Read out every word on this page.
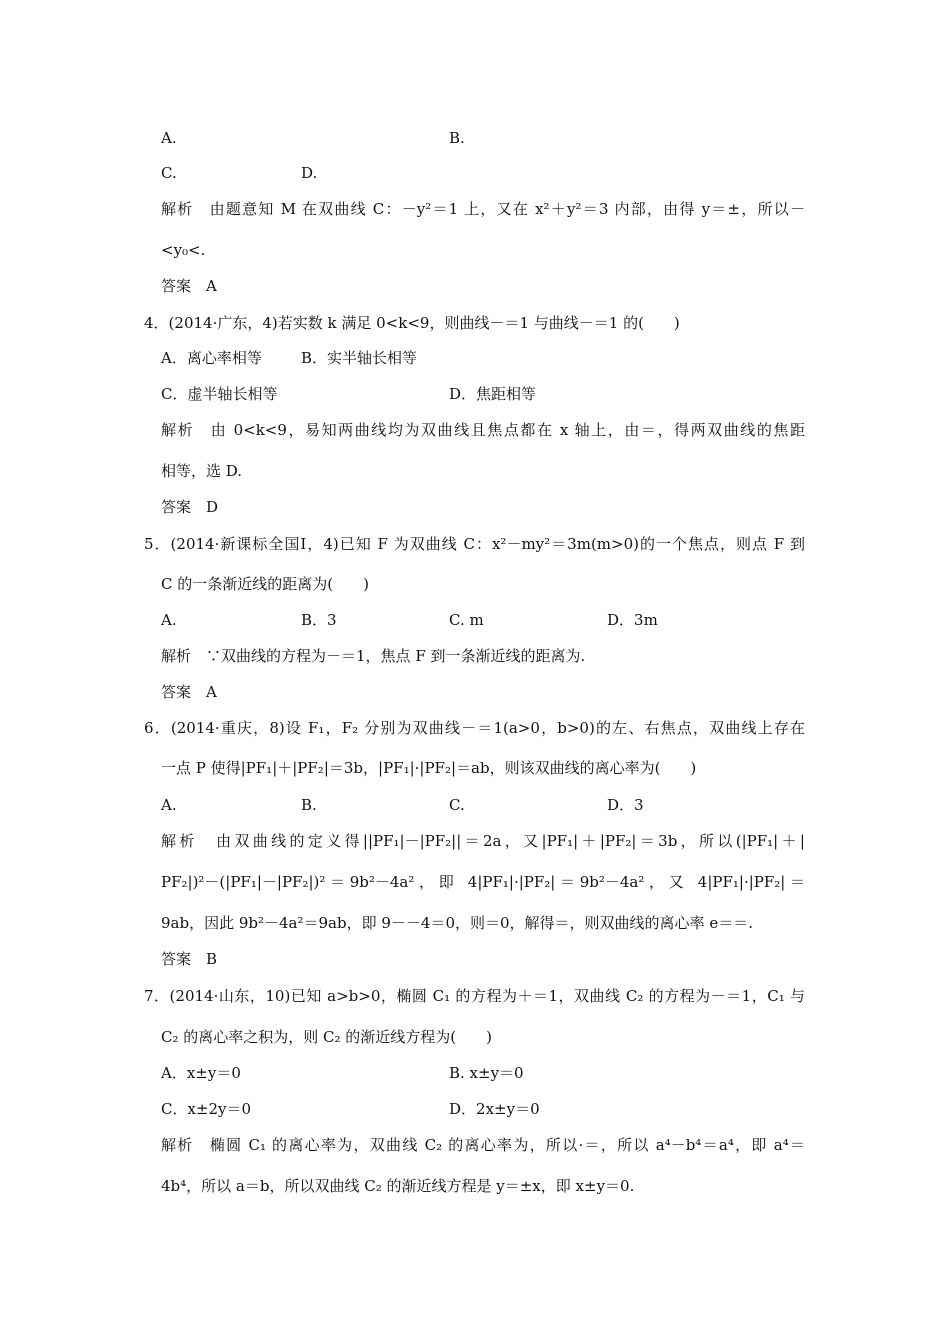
A.	B.
C.	D.
解析　由题意知 M 在双曲线 C：－y²＝1 上，又在 x²＋y²＝3 内部，由得 y＝±，所以－
<y₀<.
答案　A
4．(2014·广东，4)若实数 k 满足 0<k<9，则曲线－＝1 与曲线－＝1 的(　　)
A．离心率相等	B．实半轴长相等
C．虚半轴长相等	D．焦距相等
解析　由 0<k<9，易知两曲线均为双曲线且焦点都在 x 轴上，由＝，得两双曲线的焦距
相等，选 D.
答案　D
5．(2014·新课标全国Ⅰ，4)已知 F 为双曲线 C：x²－my²＝3m(m>0)的一个焦点，则点 F 到
C 的一条渐近线的距离为(　　)
A.	B．3	C. m	D．3m
解析　∵双曲线的方程为－＝1，焦点 F 到一条渐近线的距离为.
答案　A
6．(2014·重庆，8)设 F₁，F₂ 分别为双曲线－＝1(a>0，b>0)的左、右焦点，双曲线上存在
一点 P 使得|PF₁|＋|PF₂|＝3b，|PF₁|·|PF₂|＝ab，则该双曲线的离心率为(　　)
A.	B.	C.	D．3
解析　由双曲线的定义得||PF₁|－|PF₂||＝2a，又|PF₁|＋|PF₂|＝3b，所以(|PF₁|＋|
PF₂|)²－(|PF₁|－|PF₂|)²＝9b²－4a²，即 4|PF₁|·|PF₂|＝9b²－4a²，又 4|PF₁|·|PF₂|＝
9ab，因此 9b²－4a²＝9ab，即 9－－4＝0，则＝0，解得＝，则双曲线的离心率 e＝＝.
答案　B
7．(2014·山东，10)已知 a>b>0，椭圆 C₁ 的方程为＋＝1，双曲线 C₂ 的方程为－＝1，C₁ 与
C₂ 的离心率之积为，则 C₂ 的渐近线方程为(　　)
A．x±y＝0	B. x±y＝0
C．x±2y＝0	D．2x±y＝0
解析　椭圆 C₁ 的离心率为，双曲线 C₂ 的离心率为，所以·＝，所以 a⁴－b⁴＝a⁴，即 a⁴＝
4b⁴，所以 a＝b，所以双曲线 C₂ 的渐近线方程是 y＝±x，即 x±y＝0.
